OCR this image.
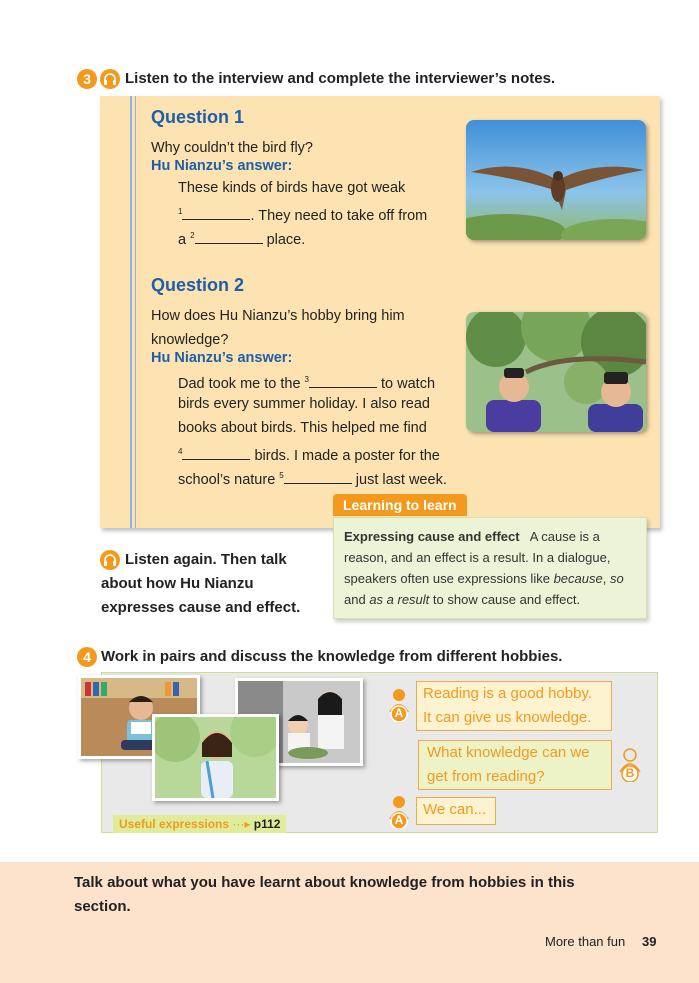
3	Listen to the interview and complete the interviewer’s notes.
Question 1
Why couldn’t the bird fly?
Hu Nianzu’s answer:
These kinds of birds have got weak
$^1$	. They need to take off from
a $^2$	place.
Question 2
How does Hu Nianzu’s hobby bring him
knowledge?
Hu Nianzu’s answer:
Dad took me to the $^3$	to watch
birds every summer holiday. I also read
books about birds. This helped me find
$^4$	birds. I made a poster for the
school’s nature $^5$	just last week.
Learning to learn
Expressing cause and effect A cause is a reason, and an effect is a result. In a dialogue, speakers often use expressions like because, so and as a result to show cause and effect.
Listen again. Then talk
about how Hu Nianzu
expresses cause and effect.
4 Work in pairs and discuss the knowledge from different hobbies.
A
Reading is a good hobby.
It can give us knowledge.
What knowledge can we
get from reading?	B
A
We can...
Useful expressions ···▸ p112
Talk about what you have learnt about knowledge from hobbies in this
section.
More than fun 39
